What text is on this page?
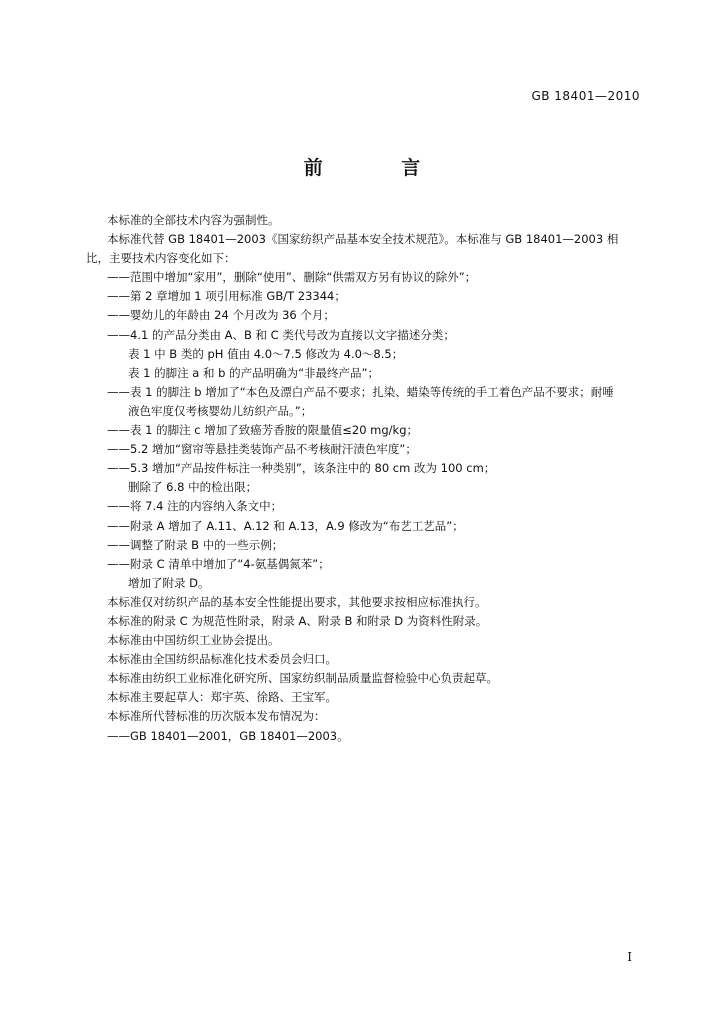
GB 18401—2010
前 言
本标准的全部技术内容为强制性。
本标准代替 GB 18401—2003《国家纺织产品基本安全技术规范》。本标准与 GB 18401—2003 相
比，主要技术内容变化如下：
——范围中增加“家用”，删除“使用”、删除“供需双方另有协议的除外”；
——第 2 章增加 1 项引用标准 GB/T 23344；
——婴幼儿的年龄由 24 个月改为 36 个月；
——4.1 的产品分类由 A、B 和 C 类代号改为直接以文字描述分类；
表 1 中 B 类的 pH 值由 4.0～7.5 修改为 4.0～8.5；
表 1 的脚注 a 和 b 的产品明确为“非最终产品”；
——表 1 的脚注 b 增加了“本色及漂白产品不要求；扎染、蜡染等传统的手工着色产品不要求；耐唾
液色牢度仅考核婴幼儿纺织产品。”；
——表 1 的脚注 c 增加了致癌芳香胺的限量值≤20 mg/kg；
——5.2 增加“窗帘等悬挂类装饰产品不考核耐汗渍色牢度”；
——5.3 增加“产品按件标注一种类别”，该条注中的 80 cm 改为 100 cm；
删除了 6.8 中的检出限；
——将 7.4 注的内容纳入条文中；
——附录 A 增加了 A.11、A.12 和 A.13，A.9 修改为“布艺工艺品”；
——调整了附录 B 中的一些示例；
——附录 C 清单中增加了“4-氨基偶氮苯”；
增加了附录 D。
本标准仅对纺织产品的基本安全性能提出要求，其他要求按相应标准执行。
本标准的附录 C 为规范性附录，附录 A、附录 B 和附录 D 为资料性附录。
本标准由中国纺织工业协会提出。
本标准由全国纺织品标准化技术委员会归口。
本标准由纺织工业标准化研究所、国家纺织制品质量监督检验中心负责起草。
本标准主要起草人：郑宇英、徐路、王宝军。
本标准所代替标准的历次版本发布情况为：
——GB 18401—2001，GB 18401—2003。
I
